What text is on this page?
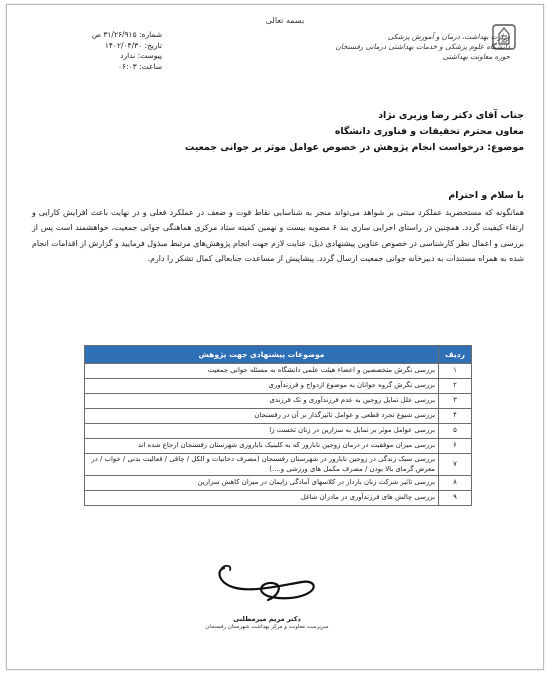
شماره: ۳۱/۲۶/۹۱۵ ص
تاریخ: ۱۴۰۲/۰۴/۳۰
پیوست: ندارد
ساعت: ۰۶:۰۳
بسمه تعالی
وزارت بهداشت، درمان و آموزش پزشکی
دانشگاه علوم پزشکی و خدمات بهداشتی درمانی رفسنجان
حوزه معاونت بهداشتی
جناب آقای دکتر رضا وزیری نژاد
معاون محترم تحقیقات و فناوری دانشگاه
موضوع: درخواست انجام پژوهش در خصوص عوامل موثر بر جوانی جمعیت
با سلام و احترام
همانگونه که مستحضرید عملکرد مبتنی بر شواهد می‌تواند منجر به شناسایی نقاط قوت و ضعف در عملکرد فعلی و در نهایت باعث افزایش کارایی و ارتقاء کیفیت گردد. همچنین در راستای اجرایی سازی بند ۶ مصوبه بیست و نهمین کمیته ستاد مرکزی هماهنگی جوانی جمعیت، خواهشمند است پس از بررسی و اعمال نظر کارشناسی در خصوص عناوین پیشنهادی ذیل، عنایت لازم جهت انجام پژوهش‌های مرتبط مبذول فرمایید و گزارش از اقدامات انجام شده به همراه مستندات به دبیرخانه جوانی جمعیت ارسال گردد. پیشاپیش از مساعدت جنابعالی کمال تشکر را دارم.
ردیف	موضوعات پیشنهادی جهت پژوهش
۱	بررسی نگرش متخصصین و اعضاء هیئت علمی دانشگاه به مسئله جوانی جمعیت
۲	بررسی نگرش گروه جوانان به موضوع ازدواج و فرزندآوری
۳	بررسی علل تمایل زوجین به عدم فرزندآوری و تک فرزندی
۴	بررسی شیوع تجرد قطعی و عوامل تاثیرگذار بر آن در رفسنجان
۵	بررسی عوامل موثر بر تمایل به سزارین در زنان تخست زا
۶	بررسی میزان موفقیت در درمان زوجین نابارور که به کلینیک ناباروری شهرستان رفسنجان ارجاع شده اند
۷	بررسی سبک زندگی در زوجین نابارور در شهرستان رفسنجان (مصرف دخانیات و الکل / چاقی / فعالیت بدنی / خواب / در معرض گرمای بالا بودن / مصرف مکمل های ورزشی و....)
۸	بررسی تاثیر شرکت زنان باردار در کلاسهای آمادگی زایمان در میزان کاهش سزارین
۹	بررسی چالش های فرزندآوری در مادران شاغل
دکتر مریم میرمطلبی
سرپرست معاونت و مرکز بهداشت شهرستان رفسنجان
